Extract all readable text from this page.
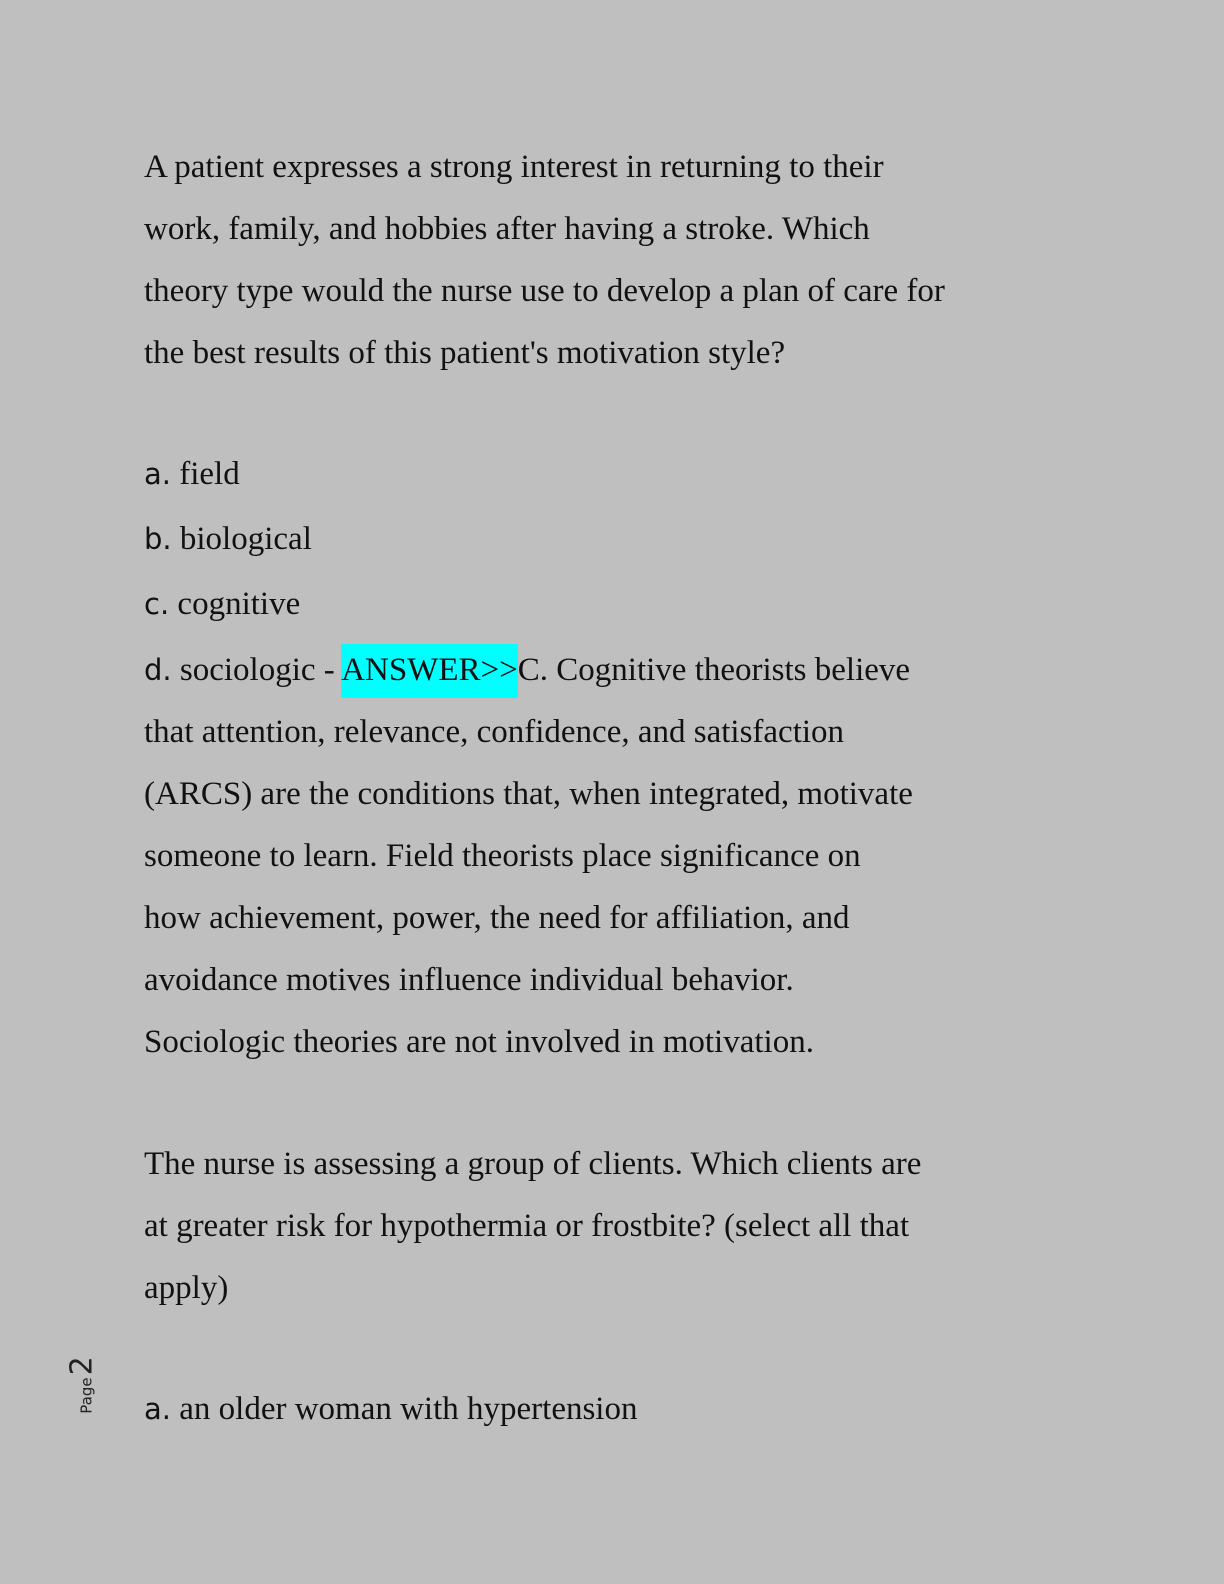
A patient expresses a strong interest in returning to their
work, family, and hobbies after having a stroke. Which
theory type would the nurse use to develop a plan of care for
the best results of this patient's motivation style?
a. field
b. biological
c. cognitive
d. sociologic - ANSWER>>C. Cognitive theorists believe
that attention, relevance, confidence, and satisfaction
(ARCS) are the conditions that, when integrated, motivate
someone to learn. Field theorists place significance on
how achievement, power, the need for affiliation, and
avoidance motives influence individual behavior.
Sociologic theories are not involved in motivation.
The nurse is assessing a group of clients. Which clients are
at greater risk for hypothermia or frostbite? (select all that
apply)
a. an older woman with hypertension
Page
2
